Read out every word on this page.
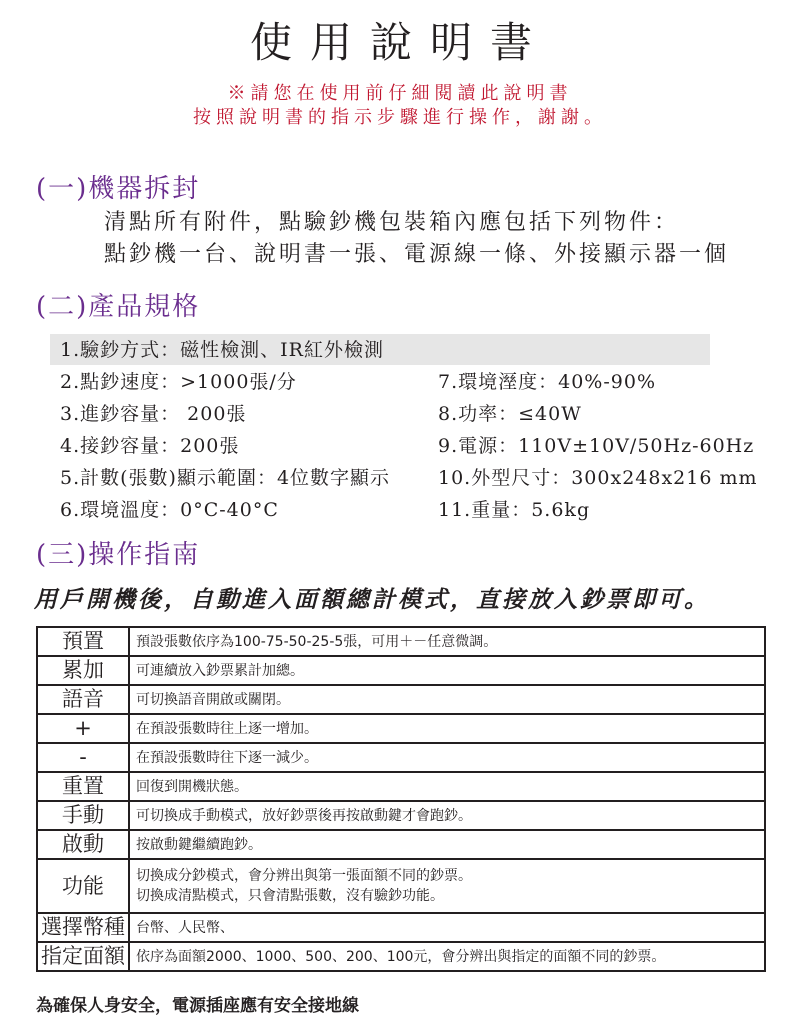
使用說明書
※請您在使用前仔細閱讀此說明書
按照說明書的指示步驟進行操作，謝謝。
(一)機器拆封
清點所有附件，點驗鈔機包裝箱內應包括下列物件：
點鈔機一台、說明書一張、電源線一條、外接顯示器一個
(二)產品規格
1.驗鈔方式：磁性檢測、IR紅外檢測
2.點鈔速度：>1000張/分
3.進鈔容量： 200張
4.接鈔容量：200張
5.計數(張數)顯示範圍：4位數字顯示
6.環境溫度：0°C-40°C
7.環境溼度：40%-90%
8.功率：≤40W
9.電源：110V±10V/50Hz-60Hz
10.外型尺寸：300x248x216 mm
11.重量：5.6kg
(三)操作指南
用戶開機後，自動進入面額總計模式，直接放入鈔票即可。
預置	預設張數依序為100-75-50-25-5張，可用＋－任意微調。
累加	可連續放入鈔票累計加總。
語音	可切換語音開啟或關閉。
+	在預設張數時往上逐一增加。
-	在預設張數時往下逐一減少。
重置	回復到開機狀態。
手動	可切換成手動模式，放好鈔票後再按啟動鍵才會跑鈔。
啟動	按啟動鍵繼續跑鈔。
功能	切換成分鈔模式，會分辨出與第一張面額不同的鈔票。
切換成清點模式，只會清點張數，沒有驗鈔功能。

選擇幣種	台幣、人民幣、
指定面額	依序為面額2000、1000、500、200、100元，會分辨出與指定的面額不同的鈔票。
為確保人身安全，電源插座應有安全接地線
